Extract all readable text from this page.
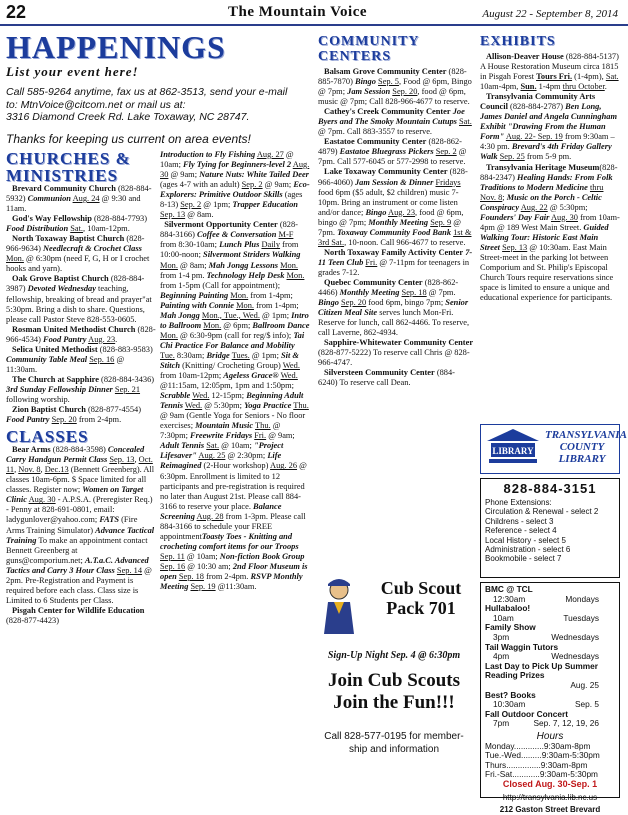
22	The Mountain Voice	August 22 - September 8, 2014
HAPPENINGS
List your event here!
Call 585-9264 anytime, fax us at 862-3513, send your e-mail
to: MtnVoice@citcom.net or mail us at:
3316 Diamond Creek Rd. Lake Toxaway, NC 28747.
Thanks for keeping us current on area events!
CHURCHES & MINISTRIES

Brevard Community Church (828-884-5932) Communion Aug. 24 @ 9:30 and 11am.

God's Way Fellowship (828-884-7793) Food Distribution Sat., 10am-12pm.

North Toxaway Baptist Church (828-966-9634) Needlecraft & Crochet Class Mon. @ 6:30pm (need F, G, H or I crochet hooks and yarn).

Oak Grove Baptist Church (828-884-3987) Devoted Wednesday teaching, fellowship, breaking of bread and prayer"at 5:30pm. Bring a dish to share. Questions, please call Pastor Steve 828-553-0605.

Rosman United Methodist Church (828-966-4534) Food Pantry Aug. 23.

Selica United Methodist (828-883-9583) Community Table Meal Sep. 16 @ 11:30am.

The Church at Sapphire (828-884-3436) 3rd Sunday Fellowship Dinner Sep. 21 following worship.

Zion Baptist Church (828-877-4554) Food Pantry Sep. 20 from 2-4pm.

CLASSES

Bear Arms (828-884-3598) Concealed Carry Handgun Permit Class Sep. 13, Oct. 11, Nov. 8, Dec.13 (Bennett Greenberg). All classes 10am-6pm. $ Space limited for all classes. Register now; Women on Target Clinic Aug. 30 - A.P.S.A. (Preregister Req.) - Penny at 828-691-0801, email: ladygunlover@yahoo.com; FATS (Fire Arms Training Simulator) Advance Tactical Training To make an appointment contact Bennett Greenberg at guns@comporium.net; A.T.a.C. Advanced Tactics and Carry 3 Hour Class Sep. 14 @ 2pm. Pre-Registration and Payment is required before each class. Class size is Limited to 6 Students per Class.

Pisgah Center for Wildlife Education (828-877-4423)

Introduction to Fly Fishing Aug. 27 @ 10am; Fly Tying for Beginners-level 2 Aug. 30 @ 9am; Nature Nuts: White Tailed Deer (ages 4-7 with an adult) Sep. 2 @ 9am; Eco-Explorers: Primitive Outdoor Skills (ages 8-13) Sep. 2 @ 1pm; Trapper Education Sep. 13 @ 8am.
Silvermont Opportunity Center (828-884-3166) Coffee & Conversation M-F from 8:30-10am; Lunch Plus Daily from 10:00-noon; Silvermont Striders Walking Mon. @ 8am; Mah Jongg Lessons Mon. from 1-4 pm. Technology Help Desk Mon. from 1-5pm (Call for appointment); Beginning Painting Mon. from 1-4pm; Painting with Connie Mon. from 1-4pm; Mah Jongg Mon., Tue., Wed. @ 1pm; Intro to Ballroom Mon. @ 6pm; Ballroom Dance Mon. @ 6:30-9pm (call for reg/$ info); Tai Chi Practice For Balance and Mobility Tue. 8:30am; Bridge Tues. @ 1pm; Sit & Stitch (Knitting/ Crocheting Group) Wed. from 10am-12pm; Ageless Grace® Wed. @11:15am, 12:05pm, 1pm and 1:50pm; Scrabble Wed. 12-15pm; Beginning Adult Tennis Wed. @ 5:30pm; Yoga Practice Thu. @ 9am (Gentle Yoga for Seniors - No floor exercises; Mountain Music Thu. @ 7:30pm; Freewrite Fridays Fri. @ 9am; Adult Tennis Sat. @ 10am; "Project Lifesaver" Aug. 25 @ 2:30pm; Life Reimagined (2-Hour workshop) Aug. 26 @ 6:30pm. Enrollment is limited to 12 participants and pre-registration is required no later than August 21st. Please call 884-3166 to reserve your place. Balance Screening Aug. 28 from 1-3pm. Please call 884-3166 to schedule your FREE appointmentToasty Toes - Knitting and crocheting comfort items for our Troops Sep. 11 @ 10am; Non-fiction Book Group Sep. 16 @ 10:30 am; 2nd Floor Museum is open Sep. 18 from 2-4pm. RSVP Monthly Meeting Sep. 19 @11:30am.

COMMUNITY CENTERS

Balsam Grove Community Center (828-885-7870) Bingo Sep. 5, Food @ 6pm, Bingo @ 7pm; Jam Session Sep. 20, food @ 6pm, music @ 7pm; Call 828-966-4677 to reserve.

Cathey's Creek Community Center Joe Byers and The Smoky Mountain Cutups Sat. @ 7pm. Call 883-3557 to reserve.

Eastatoe Community Center (828-862-4879) Eastatoe Bluegrass Pickers Sep. 2 @ 7pm. Call 577-6045 or 577-2998 to reserve.

Lake Toxaway Community Center (828-966-4060) Jam Session & Dinner Fridays food 6pm ($5 adult, $2 children) music 7-10pm. Bring an instrument or come listen and/or dance; Bingo Aug. 23, food @ 6pm, bingo @ 7pm; Monthly Meeting Sep. 9 @ 7pm. Toxaway Community Food Bank 1st & 3rd Sat., 10-noon. Call 966-4677 to reserve.

North Toxaway Family Activity Center 7-11 Teen Club Fri. @ 7-11pm for teenagers in grades 7-12.

Quebec Community Center (828-862-4466) Monthly Meeting Sep. 18 @ 7pm. Bingo Sep. 20 food 6pm, bingo 7pm; Senior Citizen Meal Site serves lunch Mon-Fri. Reserve for lunch, call 862-4466. To reserve, call Laverne, 862-4934.

Sapphire-Whitewater Community Center (828-877-5222) To reserve call Chris @ 828-966-4747.

Silversteen Community Center (884-6240) To reserve call Dean.

EXHIBITS

Allison-Deaver House (828-884-5137) A House Restoration Museum circa 1815 in Pisgah Forest Tours Fri. (1-4pm), Sat. 10am-4pm, Sun. 1-4pm thru October.

Transylvania Community Arts Council (828-884-2787) Ben Long, James Daniel and Angela Cunningham Exhibit "Drawing From the Human Form" Aug. 22- Sep. 19 from 9:30am – 4:30 pm. Brevard's 4th Friday Gallery Walk Sep. 25 from 5-9 pm.

Transylvania Heritage Museum(828-884-2347) Healing Hands: From Folk Traditions to Modern Medicine thru Nov. 8; Music on the Porch - Celtic Conspiracy Aug. 22 @ 5:30pm; Founders' Day Fair Aug. 30 from 10am-4pm @ 189 West Main Street. Guided Walking Tour: Historic East Main Street Sep. 13 @ 10:30am. East Main Street-meet in the parking lot between Comporium and St. Philip's Episcopal Church Tours require reservations since space is limited to ensure a unique and educational experience for participants.

LIBRARY
TRANSYLVANIA COUNTY LIBRARY
828-884-3151
Phone Extensions:
Circulation & Renewal - select 2
Childrens - select 3
Reference - select 4
Local History - select 5
Administration - select 6
Bookmobile - select 7
BMC @ TCL
12:30am	Mondays
Hullabaloo!
10am	Tuesdays
Family Show
3pm	Wednesdays
Tail Waggin Tutors
4pm	Wednesdays
Last Day to Pick Up Summer Reading Prizes
Aug. 25
Best? Books
10:30am	Sep. 5
Fall Outdoor Concert
7pm	Sep. 7, 12, 19, 26
Hours
Monday.............9:30am-8pm
Tue.-Wed.........9:30am-5:30pm
Thurs...............9:30am-8pm
Fri.-Sat............9:30am-5:30pm
Closed Aug. 30-Sep. 1
http://transylvania.lib.nc.us
212 Gaston Street Brevard
Cub Scout
Pack 701
Sign-Up Night Sep. 4 @ 6:30pm
Join Cub Scouts
Join the Fun!!!
Call 828-577-0195 for member-
ship and information
